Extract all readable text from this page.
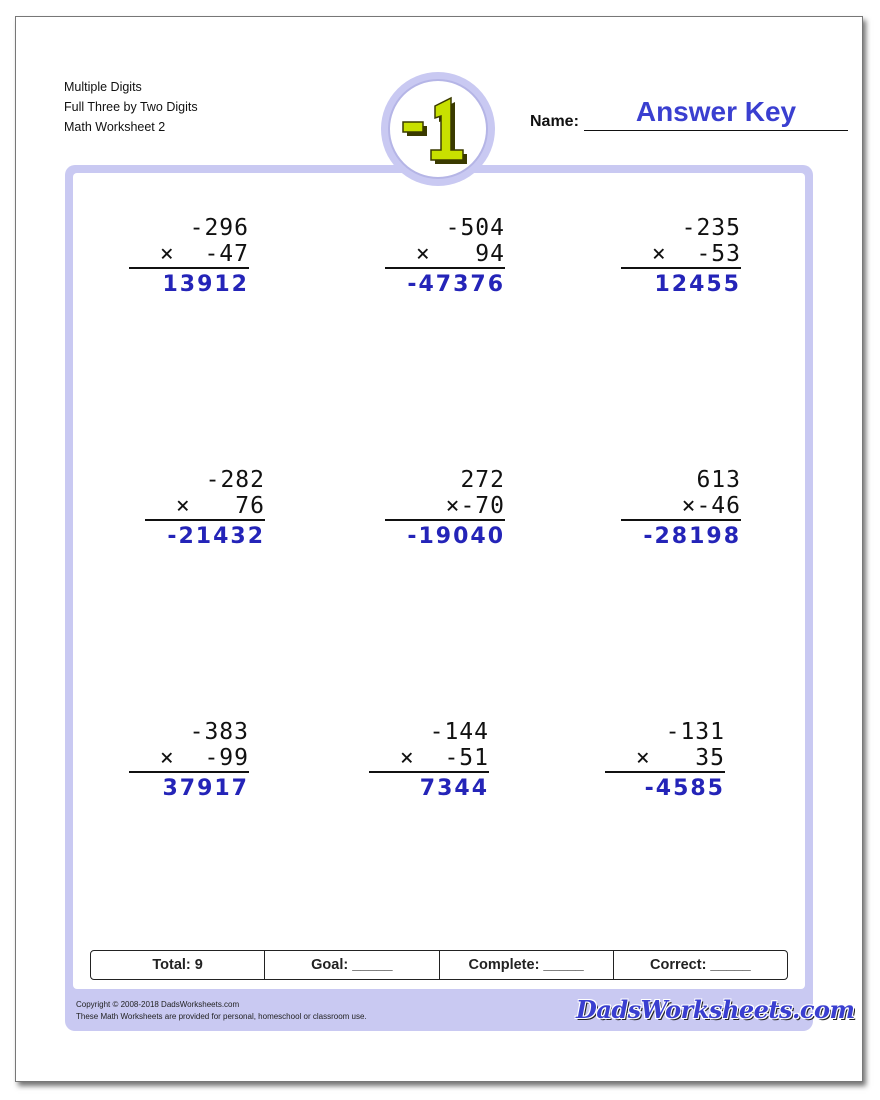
Multiple Digits
Full Three by Two Digits
Math Worksheet 2	Name:	Answer Key
-296
×  -47
13912
-504
×   94
-47376
-235
×  -53
12455
-282
×   76
-21432
272
×-70
-19040
613
×-46
-28198
-383
×  -99
37917
-144
×  -51
7344
-131
×   35
-4585
Total: 9	Goal: _____	Complete: _____	Correct: _____
Copyright © 2008-2018 DadsWorksheets.com
These Math Worksheets are provided for personal, homeschool or classroom use.	DadsWorksheets.com
